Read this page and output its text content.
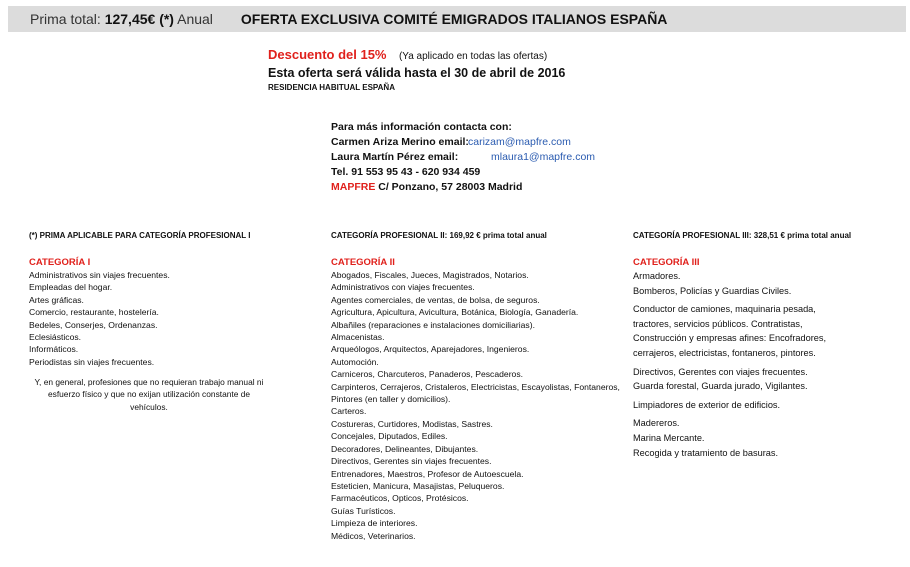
Prima total: 127,45€ (*) Anual OFERTA EXCLUSIVA COMITÉ EMIGRADOS ITALIANOS ESPAÑA
Descuento del 15% (Ya aplicado en todas las ofertas)
Esta oferta será válida hasta el 30 de abril de 2016
RESIDENCIA HABITUAL ESPAÑA
Para más información contacta con:
Carmen Ariza Merino email: carizam@mapfre.com
Laura Martín Pérez email:	mlaura1@mapfre.com
Tel. 91 553 95 43 - 620 934 459
MAPFRE C/ Ponzano, 57 28003 Madrid
(*) PRIMA APLICABLE PARA CATEGORÍA PROFESIONAL I
CATEGORÍA I
Administrativos sin viajes frecuentes.
Empleadas del hogar.
Artes gráficas.
Comercio, restaurante, hostelería.
Bedeles, Conserjes, Ordenanzas.
Eclesiásticos.
Informáticos.
Periodistas sin viajes frecuentes.
Y, en general, profesiones que no requieran trabajo manual ni esfuerzo físico y que no exijan utilización constante de vehículos.
CATEGORÍA PROFESIONAL II: 169,92 € prima total anual
CATEGORÍA II
Abogados, Fiscales, Jueces, Magistrados, Notarios.
Administrativos con viajes frecuentes.
Agentes comerciales, de ventas, de bolsa, de seguros.
Agricultura, Apicultura, Avicultura, Botánica, Biología, Ganadería.
Albañiles (reparaciones e instalaciones domiciliarias).
Almacenistas.
Arqueólogos, Arquitectos, Aparejadores, Ingenieros.
Automoción.
Carniceros, Charcuteros, Panaderos, Pescaderos.
Carpinteros, Cerrajeros, Cristaleros, Electricistas, Escayolistas, Fontaneros,
Pintores (en taller y domicilios).
Carteros.
Costureras, Curtidores, Modistas, Sastres.
Concejales, Diputados, Ediles.
Decoradores, Delineantes, Dibujantes.
Directivos, Gerentes sin viajes frecuentes.
Entrenadores, Maestros, Profesor de Autoescuela.
Esteticien, Manicura, Masajistas, Peluqueros.
Farmacéuticos, Opticos, Protésicos.
Guías Turísticos.
Limpieza de interiores.
Médicos, Veterinarios.
CATEGORÍA PROFESIONAL III: 328,51 € prima total anual
CATEGORÍA III
Armadores.
Bomberos, Policías y Guardias Civiles.
Conductor de camiones, maquinaria pesada,
tractores, servicios públicos. Contratistas,
Construcción y empresas afines: Encofradores,
cerrajeros, electricistas, fontaneros, pintores.
Directivos, Gerentes con viajes frecuentes.
Guarda forestal, Guarda jurado, Vigilantes.
Limpiadores de exterior de edificios.
Madereros.
Marina Mercante.
Recogida y tratamiento de basuras.
